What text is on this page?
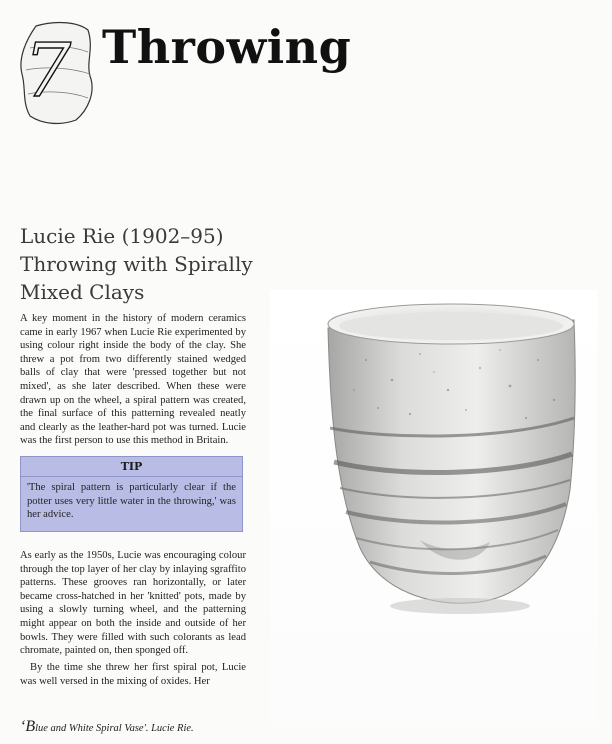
7 Throwing
Lucie Rie (1902–95)
Throwing with Spirally
Mixed Clays

A key moment in the history of modern ceramics came in early 1967 when Lucie Rie experimented by using colour right inside the body of the clay. She threw a pot from two differently stained wedged balls of clay that were 'pressed together but not mixed', as she later described. When these were drawn up on the wheel, a spiral pattern was created, the final surface of this patterning revealed neatly and clearly as the leather-hard pot was turned. Lucie was the first person to use this method in Britain.

TIP
'The spiral pattern is particularly clear if the potter uses very little water in the throwing,' was her advice.

As early as the 1950s, Lucie was encouraging colour through the top layer of her clay by inlaying sgraffito patterns. These grooves ran horizontally, or later became cross-hatched in her 'knitted' pots, made by using a slowly turning wheel, and the patterning might appear on both the inside and outside of her bowls. They were filled with such colorants as lead chromate, painted on, then sponged off.

By the time she threw her first spiral pot, Lucie was well versed in the mixing of oxides. Her

‘Blue and White Spiral Vase'. Lucie Rie.
